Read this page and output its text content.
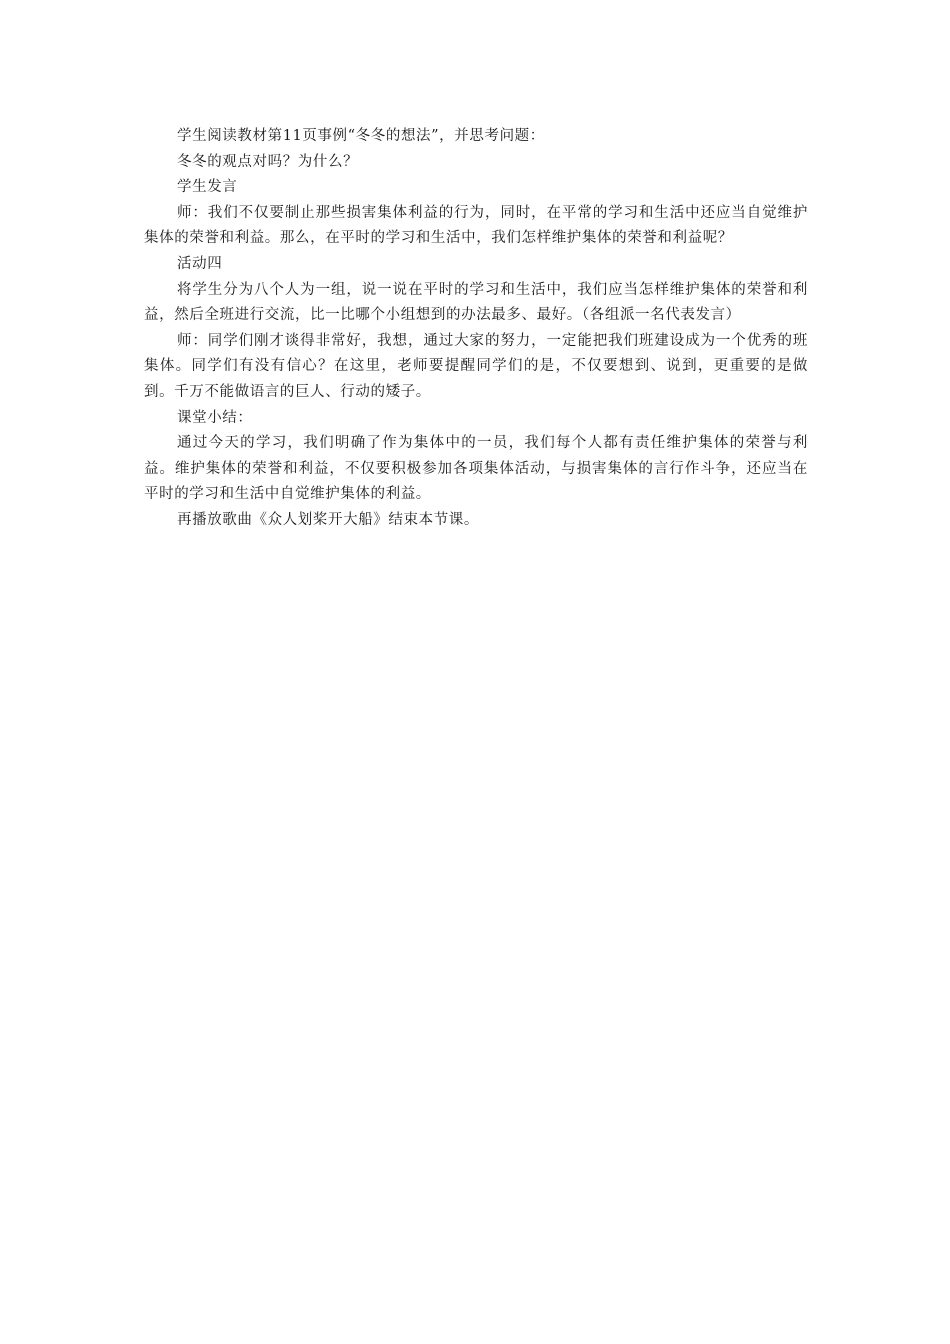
学生阅读教材第11页事例“冬冬的想法”，并思考问题：

冬冬的观点对吗？为什么？

学生发言

师：我们不仅要制止那些损害集体利益的行为，同时，在平常的学习和生活中还应当自觉维护集体的荣誉和利益。那么，在平时的学习和生活中，我们怎样维护集体的荣誉和利益呢？

活动四

将学生分为八个人为一组，说一说在平时的学习和生活中，我们应当怎样维护集体的荣誉和利益，然后全班进行交流，比一比哪个小组想到的办法最多、最好。（各组派一名代表发言）

师：同学们刚才谈得非常好，我想，通过大家的努力，一定能把我们班建设成为一个优秀的班集体。同学们有没有信心？在这里，老师要提醒同学们的是，不仅要想到、说到，更重要的是做到。千万不能做语言的巨人、行动的矮子。

课堂小结：

通过今天的学习，我们明确了作为集体中的一员，我们每个人都有责任维护集体的荣誉与利益。维护集体的荣誉和利益，不仅要积极参加各项集体活动，与损害集体的言行作斗争，还应当在平时的学习和生活中自觉维护集体的利益。

再播放歌曲《众人划桨开大船》结束本节课。
